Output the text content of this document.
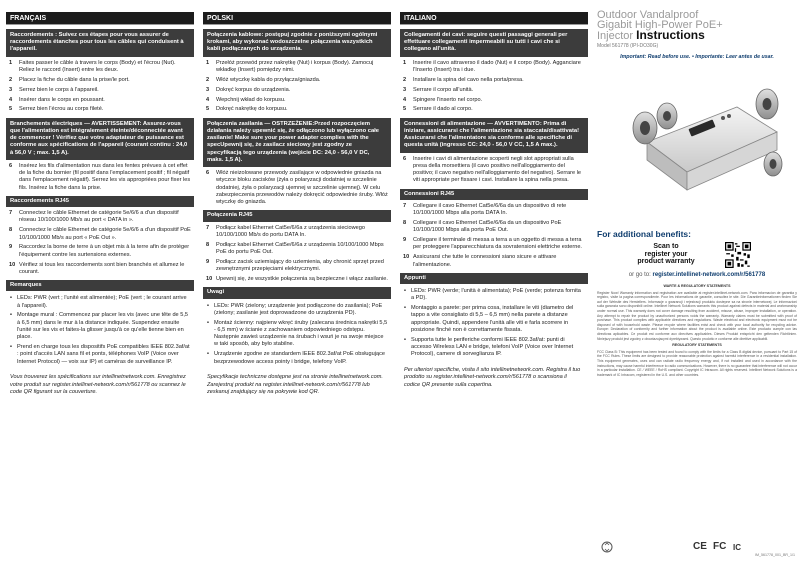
FRANÇAIS
Raccordements : Suivez ces étapes pour vous assurer de raccordements étanches pour tous les câbles qui conduisent à l'appareil.
1	Faites passer le câble à travers le corps (Body) et l'écrou (Nut). Reliez le raccord (Insert) entre les deux.
2	Placez la fiche du câble dans la prise/le port.
3	Serrez bien le corps à l'appareil.
4	Insérer dans le corps en poussant.
5	Serrez bien l'écrou au corps fileté.
Branchements électriques — AVERTISSEMENT: Assurez-vous que l'alimentation est intégralement éteinte/déconnectée avant de commencer ! Vérifiez que votre adaptateur de puissance est conforme aux spécifications de l'appareil (courant continu : 24,0 à 56,0 V ; max. 1,5 A).
6	Insérez les fils d'alimentation nus dans les fentes prévues à cet effet de la fiche du bornier (fil positif dans l'emplacement positif ; fil négatif dans l'emplacement négatif). Serrez les vis appropriées pour fixer les fils. Insérez la fiche dans la prise.
Raccordements RJ45
7	Connectez le câble Ethernet de catégorie 5e/6/6 a d'un dispositif réseau 10/100/1000 Mb/s au port « DATA in ».
8	Connectez le câble Ethernet de catégorie 5e/6/6 a d'un dispositif PoE 10/100/1000 Mb/s au port « PoE Out ».
9	Raccordez la borne de terre à un objet mis à la terre afin de protéger l'équipement contre les surtensions externes.
10 Vérifiez si tous les raccordements sont bien branchés et allumez le courant.
Remarques
• LEDs: PWR (vert ; l'unité est alimentée); PoE (vert ; le courant arrive à l'appareil).
• Montage mural : Commencez par placer les vis (avec une tête de 5,5 à 6,5 mm) dans le mur à la distance indiquée. Suspendez ensuite l'unité sur les vis et faites-la glisser jusqu'à ce qu'elle tienne bien en place.
• Prend en charge tous les dispositifs PoE compatibles IEEE 802.3af/at : point d'accès LAN sans fil et ponts, téléphones VoIP (Voice over Internet Protocol) — voix sur IP) et caméras de surveillance IP.
Vous trouverez les spécifications sur intellinetnetwork.com. Enregistrez votre produit sur register.intellinet-network.com/r/561778 ou scannez le code QR figurant sur la couverture.
POLSKI
Połączenia kablowe: postępuj zgodnie z poniższymi ogólnymi krokami, aby wykonać wodoszczelne połączenia wszystkich kabli podłączanych do urządzenia.
1	Przełóż przewód przez nakrętkę (Nut) i korpus (Body). Zamocuj wkładkę (Insert) pomiędzy nimi.
2	Włóż wtyczkę kabla do przyłącza/gniazda.
3	Dokręć korpus do urządzenia.
4	Wepchnij wkład do korpusu.
5	Dokręć nakrętkę do korpusu.
Połączenia zasilania — OSTRZEŻENIE:Przed rozpoczęciem działania należy upewnić się, że odłączono lub wyłączono całe zasilanie! Make sure your power adapter complies with the specUpewnij się, że zasilacz sieciowy jest zgodny ze specyfikacją tego urządzenia (wejście DC: 24,0 - 56,0 V DC, maks. 1,5 A).
6	Włóż nieizolowane przewody zasilające w odpowiednie gniazda na wtyczce bloku zacisków (żyła o polaryzacji dodatniej w szczelinie dodatniej, żyła o polaryzacji ujemnej w szczelinie ujemnej). W celu zabezpieczenia przewodów należy dokręcić odpowiednie śruby. Włóż wtyczkę do gniazda.
Połączenia RJ45
7	Podłącz kabel Ethernet Cat5e/6/6a z urządzenia sieciowego 10/100/1000 Mb/s do portu DATA In.
8	Podłącz kabel Ethernet Cat5e/6/6a z urządzenia 10/100/1000 Mbps PoE do portu PoE Out.
9	Podłącz zacisk uziemiający do uziemienia, aby chronić sprzęt przed zewnętrznymi przepięciami elektrycznymi.
10 Upewnij się, że wszystkie połączenia są bezpieczne i włącz zasilanie.
Uwagi
• LEDs: PWR (zielony; urządzenie jest podłączone do zasilania); PoE (zielony; zasilanie jest doprowadzone do urządzenia PD).
• Montaż ścienny: najpierw wkręć śruby (zalecana średnica nakrętki 5,5 - 6,5 mm) w ścianie z zachowaniem odpowiedniego odstępu. Następnie zawieś urządzenie na śrubach i wsuń je na swoje miejsce w taki sposób, aby było stabilne.
• Urządzenie zgodne ze standardem IEEE 802.3af/at PoE obsługujące bezprzewodowe access pointy i bridge, telefony VoIP.
Specyfikacje techniczne dostępne jest na stronie intellinetnetwork.com. Zarejestruj produkt na register.intellinet-network.com/r/561778 lub zeskanuj znajdujący się na pokrywie kod QR.
ITALIANO
Collegamenti dei cavi: seguire questi passaggi generali per effettuare collegamenti impermeabili su tutti i cavi che si collegano all'unità.
1	Inserire il cavo attraverso il dado (Nut) e il corpo (Body). Agganciare l'Inserto (Insert) tra i due.
2	Installare la spina del cavo nella porta/presa.
3	Serrare il corpo all'unità.
4	Spingere l'inserto nel corpo.
5	Serrare il dado al corpo.
Connessioni di alimentazione — AVVERTIMENTO: Prima di iniziare, assicurarsi che l'alimentazione sia staccata/disattivata! Assicurarsi che l'alimentatore sia conforme alle specifiche di questa unità (ingresso CC: 24,0 - 56,0 V CC, 1,5 A max.).
6	Inserire i cavi di alimentazione scoperti negli slot appropriati sulla presa della morsettiera (il cavo positivo nell'alloggiamento del positivo; il cavo negativo nell'alloggiamento del negativo). Serrare le viti appropriate per fissare i cavi. Installare la spina nella presa.
Connessioni RJ45
7	Collegare il cavo Ethernet Cat5e/6/6a da un dispositivo di rete 10/100/1000 Mbps alla porta DATA In.
8	Collegare il cavo Ethernet Cat5e/6/6a da un dispositivo PoE 10/100/1000 Mbps alla porta PoE Out.
9	Collegare il terminale di messa a terra a un oggetto di messa a terra per proteggere l'apparecchiatura da sovratensioni elettriche esterne.
10 Assicurarsi che tutte le connessioni siano sicure e attivare l'alimentazione.
Appunti
• LEDs: PWR (verde; l'unità è alimentata); PoE (verde; potenza fornita a PD).
• Montaggio a parete: per prima cosa, installare le viti (diametro del tappo a vite consigliato di 5,5 – 6,5 mm) nella parete a distanze appropriate. Quindi, appendere l'unità alle viti e farla scorrere in posizione finché non è correttamente fissata.
• Supporta tutte le periferiche conformi IEEE 802.3af/at: punti di accesso Wireless LAN e bridge, telefoni VoIP (Voice over Internet Protocol), camere di sorveglianza IP.
Per ulteriori specifiche, visita il sito intellinetnetwork.com. Registra il tuo prodotto su register.intellinet-network.com/r/561778 o scansiona il codice QR presente sulla copertina.
Outdoor Vandalproof
Gigabit High-Power PoE+
Injector Instructions
Model 561778 (IPI-DO30G)
Important: Read before use. • Importante: Leer antes de usar.
For additional benefits:
Scan to
register your
product warranty
or go to: register.intellinet-network.com/r/561778
WARTE & REGULATORY STATEMENTS
Register Now! Warranty information and registration are available at register.intellinet-network.com. Para informacion de garantia y registro, visite la pagina correspondiente. Pour les informations de garantie, consultez le site. Die Garantieinformationen finden Sie auf der Website des Herstellers. Informacje o gwarancji i rejestracji produktu dostepne sa na stronie internetowej. Le informazioni sulla garanzia sono disponibili online. Intellinet Network Solutions warrants this product against defects in material and workmanship under normal use. This warranty does not cover damage resulting from accident, misuse, abuse, improper installation, or operation. Any attempt to repair the product by unauthorized persons voids the warranty. Warranty claims must be submitted with proof of purchase. This product complies with applicable directives and regulations. Waste electrical and electronic equipment must not be disposed of with household waste. Please recycle where facilities exist and check with your local authority for recycling advice. Europe: Declaration of conformity and further information about the product is available online. Este producto cumple con las directivas aplicables. Ce produit est conforme aux directives applicables. Dieses Produkt entspricht den geltenden Richtlinien. Niniejszy produkt jest zgodny z obowiazujacymi dyrektywami. Questo prodotto e conforme alle direttive applicabili.
REGULATORY STATEMENTS
FCC Class B: This equipment has been tested and found to comply with the limits for a Class B digital device, pursuant to Part 15 of the FCC Rules. These limits are designed to provide reasonable protection against harmful interference in a residential installation. This equipment generates, uses and can radiate radio frequency energy and, if not installed and used in accordance with the instructions, may cause harmful interference to radio communications. However, there is no guarantee that interference will not occur in a particular installation. CE / WEEE / RoHS compliant. Copyright IC Intracom. All rights reserved. Intellinet Network Solutions is a trademark of IC Intracom, registered in the U.S. and other countries.
CE FC IC
IM_561778_001_BR_1/1
